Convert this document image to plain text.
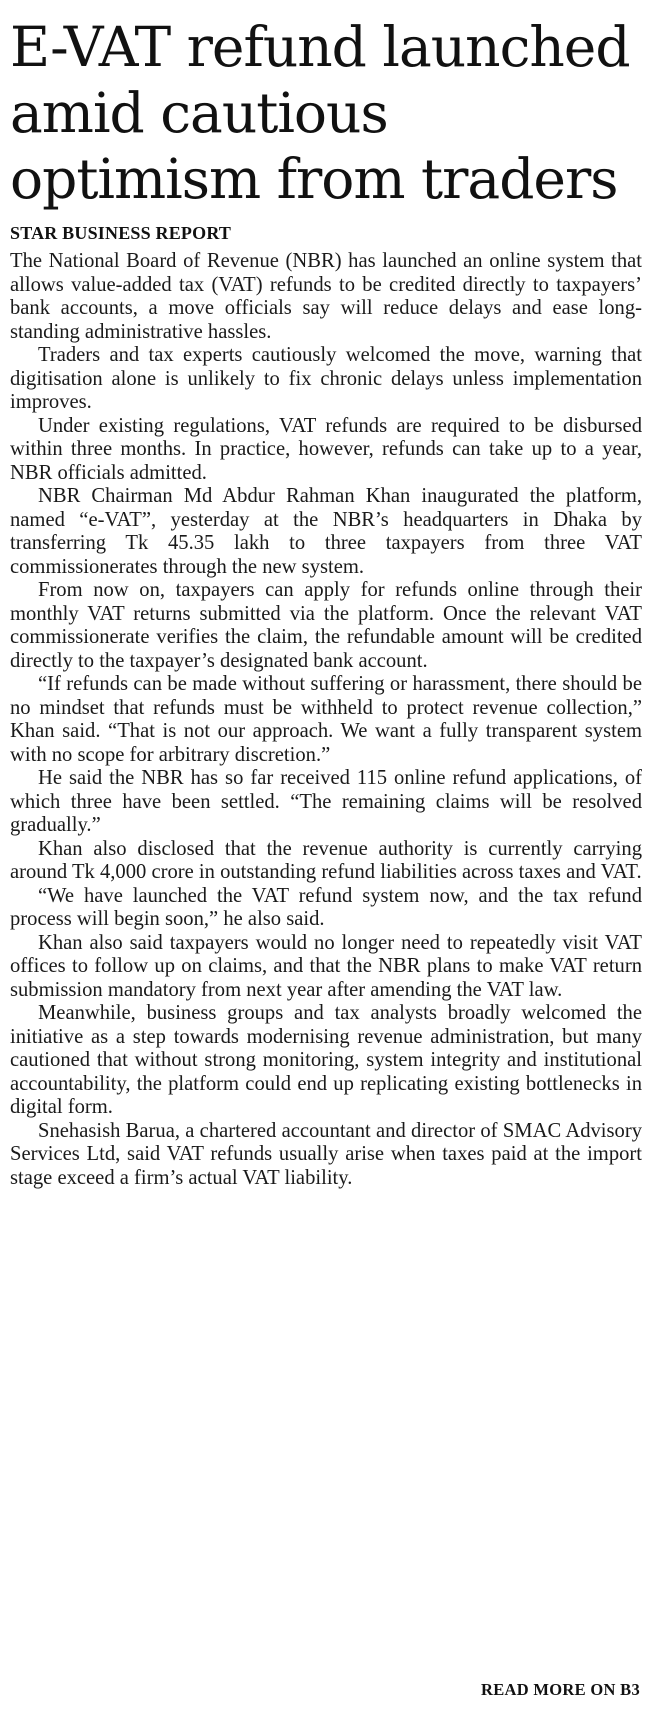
E-VAT refund launched amid cautious optimism from traders
STAR BUSINESS REPORT

The National Board of Revenue (NBR) has launched an online system that allows value-added tax (VAT) refunds to be credited directly to taxpayers’ bank accounts, a move officials say will reduce delays and ease long-standing administrative hassles.

Traders and tax experts cautiously welcomed the move, warning that digitisation alone is unlikely to fix chronic delays unless implementation improves.

Under existing regulations, VAT refunds are required to be disbursed within three months. In practice, however, refunds can take up to a year, NBR officials admitted.

NBR Chairman Md Abdur Rahman Khan inaugurated the platform, named “e-VAT”, yesterday at the NBR’s headquarters in Dhaka by transferring Tk 45.35 lakh to three taxpayers from three VAT commissionerates through the new system.

From now on, taxpayers can apply for refunds online through their monthly VAT returns submitted via the platform. Once the relevant VAT commissionerate verifies the claim, the refundable amount will be credited directly to the taxpayer’s designated bank account.

“If refunds can be made without suffering or harassment, there should be no mindset that refunds must be withheld to protect revenue collection,” Khan said. “That is not our approach. We want a fully transparent system with no scope for arbitrary discretion.”

He said the NBR has so far received 115 online refund applications, of which three have been settled. “The remaining claims will be resolved gradually.”

Khan also disclosed that the revenue authority is currently carrying around Tk 4,000 crore in outstanding refund liabilities across taxes and VAT.

“We have launched the VAT refund system now, and the tax refund process will begin soon,” he also said.

Khan also said taxpayers would no longer need to repeatedly visit VAT offices to follow up on claims, and that the NBR plans to make VAT return submission mandatory from next year after amending the VAT law.

Meanwhile, business groups and tax analysts broadly welcomed the initiative as a step towards modernising revenue administration, but many cautioned that without strong monitoring, system integrity and institutional accountability, the platform could end up replicating existing bottlenecks in digital form.

Snehasish Barua, a chartered accountant and director of SMAC Advisory Services Ltd, said VAT refunds usually arise when taxes paid at the import stage exceed a firm’s actual VAT liability.

READ MORE ON B3
